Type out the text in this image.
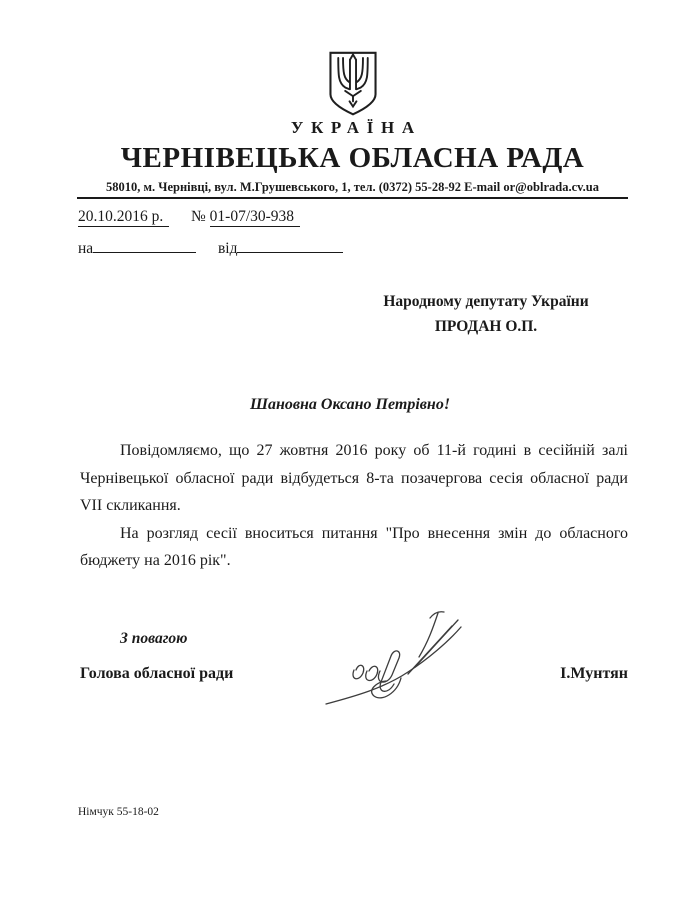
УКРАЇНА
ЧЕРНІВЕЦЬКА ОБЛАСНА РАДА
58010, м. Чернівці, вул. М.Грушевського, 1, тел. (0372) 55-28-92 E-mail or@oblrada.cv.ua
20.10.2016 р. № 01-07/30-938
на	від
Народному депутату України
ПРОДАН О.П.
Шановна Оксано Петрівно!

Повідомляємо, що 27 жовтня 2016 року об 11-й годині в сесійній залі Чернівецької обласної ради відбудеться 8-та позачергова сесія обласної ради VII скликання.

На розгляд сесії вноситься питання "Про внесення змін до обласного бюджету на 2016 рік".

З повагою
Голова обласної ради	І.Мунтян
Німчук 55-18-02
